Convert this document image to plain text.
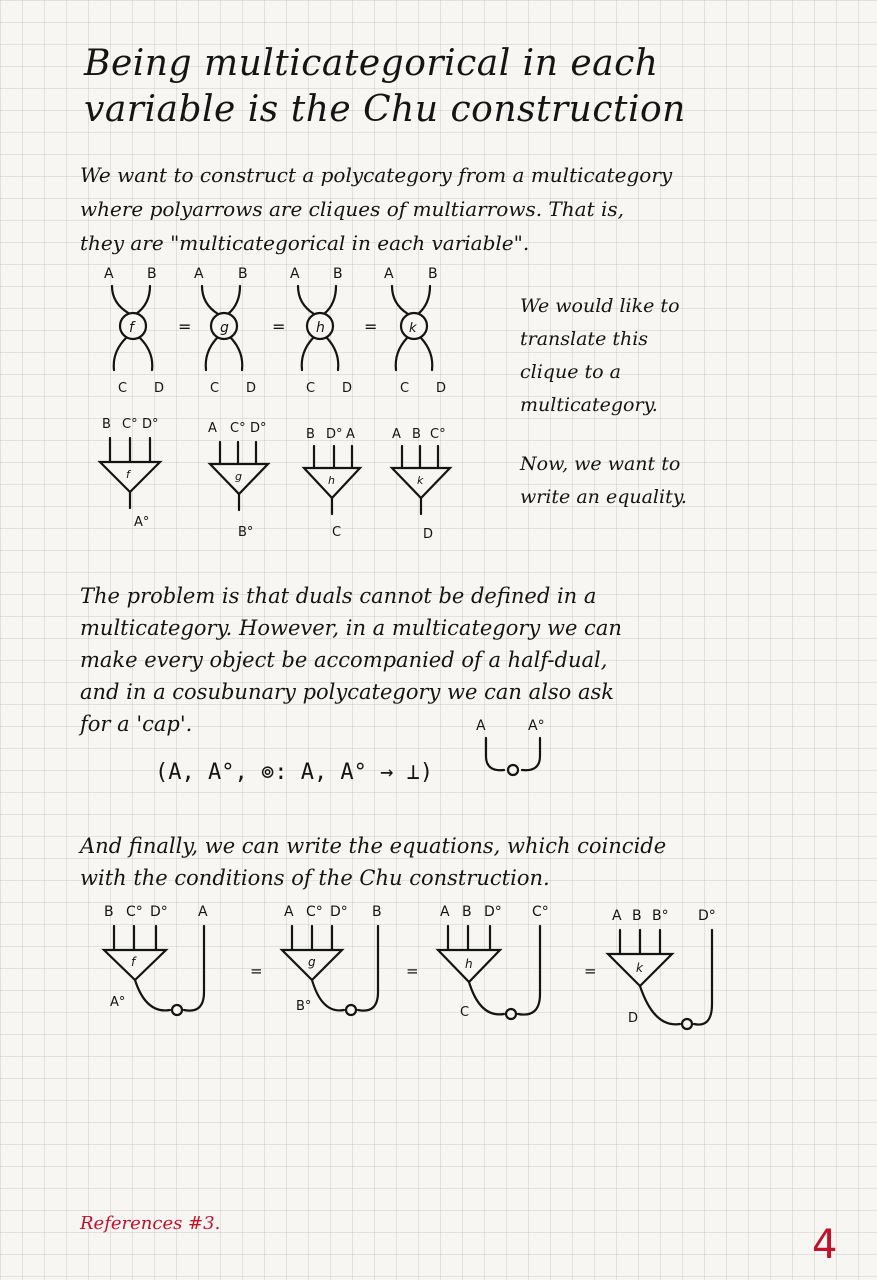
Being multicategorical in each
variable is the Chu construction
We want to construct a polycategory from a multicategory
where polyarrows are cliques of multiarrows. That is,
they are "multicategorical in each variable".
A B
f
C D
=
A B
g
C D
=
A B
h
C D
=
A B
k
C D
We would like to
translate this
clique to a
multicategory.
Now, we want to
write an equality.
B C° D°
f
A°
A C° D°
g
B°
B D° A
h
C
A B C°
k
D
The problem is that duals cannot be defined in a
multicategory. However, in a multicategory we can
make every object be accompanied of a half-dual,
and in a cosubunary polycategory we can also ask
for a 'cap'.	A	A°
(A, A°, ⊚: A, A° → ⊥)
And finally, we can write the equations, which coincide
with the conditions of the Chu construction.
B C° D° A
f
A°
=
A C° D° B
g
B°
=
A B D° C°
h
C
=
A B B° D°
k
D
References #3.	4
